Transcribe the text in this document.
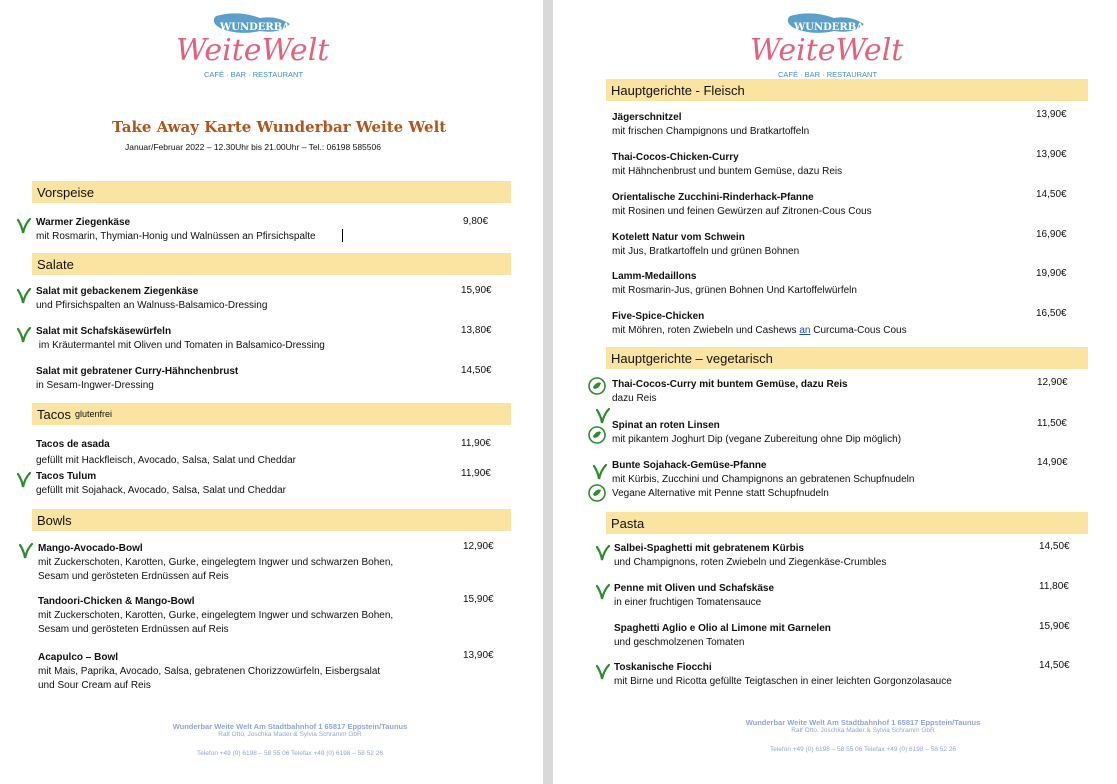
WUNDERBAR
WeiteWelt
CAFÉ · BAR · RESTAURANT
Take Away Karte Wunderbar Weite Welt
Januar/Februar 2022 – 12.30Uhr bis 21.00Uhr – Tel.: 06198 585506
Vorspeise
Warmer Ziegenkäse
mit Rosmarin, Thymian-Honig und Walnüssen an Pfirsichspalte
9,80€
Salate
Salat mit gebackenem Ziegenkäse
und Pfirsichspalten an Walnuss-Balsamico-Dressing
15,90€
Salat mit Schafskäsewürfeln
im Kräutermantel mit Oliven und Tomaten in Balsamico-Dressing
13,80€
Salat mit gebratener Curry-Hähnchenbrust
in Sesam-Ingwer-Dressing
14,50€
Tacos glutenfrei
Tacos de asada
gefüllt mit Hackfleisch, Avocado, Salsa, Salat und Cheddar
11,90€
Tacos Tulum
gefüllt mit Sojahack, Avocado, Salsa, Salat und Cheddar
11,90€
Bowls
Mango-Avocado-Bowl
mit Zuckerschoten, Karotten, Gurke, eingelegtem Ingwer und schwarzen Bohen,
Sesam und gerösteten Erdnüssen auf Reis
12,90€
Tandoori-Chicken & Mango-Bowl
mit Zuckerschoten, Karotten, Gurke, eingelegtem Ingwer und schwarzen Bohen,
Sesam und gerösteten Erdnüssen auf Reis
15,90€
Acapulco – Bowl
mit Mais, Paprika, Avocado, Salsa, gebratenen Chorizzowürfeln, Eisbergsalat
und Sour Cream auf Reis
13,90€
Wunderbar Weite Welt Am Stadtbahnhof 1 65817 Eppstein/Taunus
Ralf Otto, Joschka Mader & Sylvia Schramm GbR
Telefon +49 (0) 6198 – 58 55 06 Telefax +49 (0) 6198 – 58 52 26
WUNDERBAR
WeiteWelt
CAFÉ · BAR · RESTAURANT
Hauptgerichte - Fleisch
Jägerschnitzel
mit frischen Champignons und Bratkartoffeln
13,90€
Thai-Cocos-Chicken-Curry
mit Hähnchenbrust und buntem Gemüse, dazu Reis
13,90€
Orientalische Zucchini-Rinderhack-Pfanne
mit Rosinen und feinen Gewürzen auf Zitronen-Cous Cous
14,50€
Kotelett Natur vom Schwein
mit Jus, Bratkartoffeln und grünen Bohnen
16,90€
Lamm-Medaillons
mit Rosmarin-Jus, grünen Bohnen Und Kartoffelwürfeln
19,90€
Five-Spice-Chicken
mit Möhren, roten Zwiebeln und Cashews an Curcuma-Cous Cous
16,50€
Hauptgerichte – vegetarisch
Thai-Cocos-Curry mit buntem Gemüse, dazu Reis
dazu Reis
12,90€
Spinat an roten Linsen
mit pikantem Joghurt Dip (vegane Zubereitung ohne Dip möglich)
11,50€
Bunte Sojahack-Gemüse-Pfanne
mit Kürbis, Zucchini und Champignons an gebratenen Schupfnudeln
Vegane Alternative mit Penne statt Schupfnudeln
14,90€
Pasta
Salbei-Spaghetti mit gebratenem Kürbis
und Champignons, roten Zwiebeln und Ziegenkäse-Crumbles
14,50€
Penne mit Oliven und Schafskäse
in einer fruchtigen Tomatensauce
11,80€
Spaghetti Aglio e Olio al Limone mit Garnelen
und geschmolzenen Tomaten
15,90€
Toskanische Fiocchi
mit Birne und Ricotta gefüllte Teigtaschen in einer leichten Gorgonzolasauce
14,50€
Wunderbar Weite Welt Am Stadtbahnhof 1 65817 Eppstein/Taunus
Ralf Otto, Joschka Mader & Sylvia Schramm GbR
Telefon +49 (0) 6198 – 58 55 06 Telefax +49 (0) 6198 – 58 52 26
